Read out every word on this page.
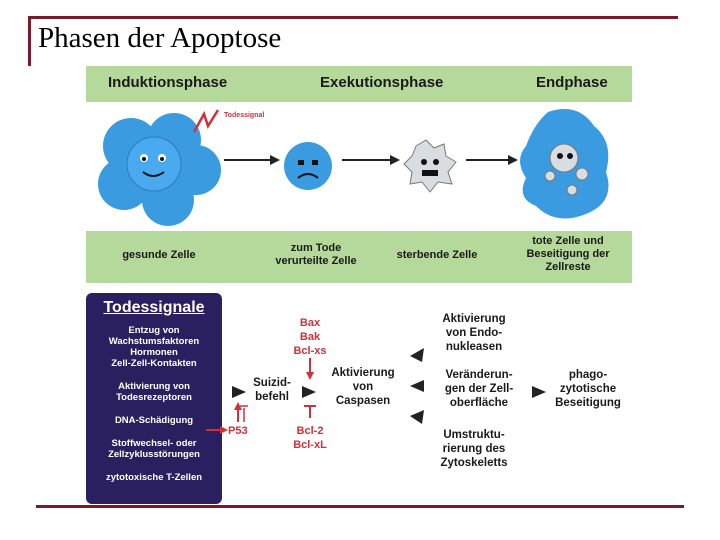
Phasen der Apoptose
Induktionsphase	Exekutionsphase	Endphase
Todessignal
gesunde Zelle
zum Tode
verurteilte Zelle	sterbende Zelle
tote Zelle und
Beseitigung der
Zellreste
Todessignale
Entzug von
Wachstumsfaktoren
Hormonen
Zell-Zell-Kontakten
Aktivierung von
Todesrezeptoren
DNA-Schädigung
Stoffwechsel- oder
Zellzyklusstörungen
zytotoxische T-Zellen
P53
Suizid-
befehl
Bax
Bak
Bcl-xs
Bcl-2
Bcl-xL
Aktivierung
von
Caspasen
Aktivierung
von Endo-
nukleasen
Veränderun-
gen der Zell-
oberfläche
Umstruktu-
rierung des
Zytoskeletts
phago-
zytotische
Beseitigung
